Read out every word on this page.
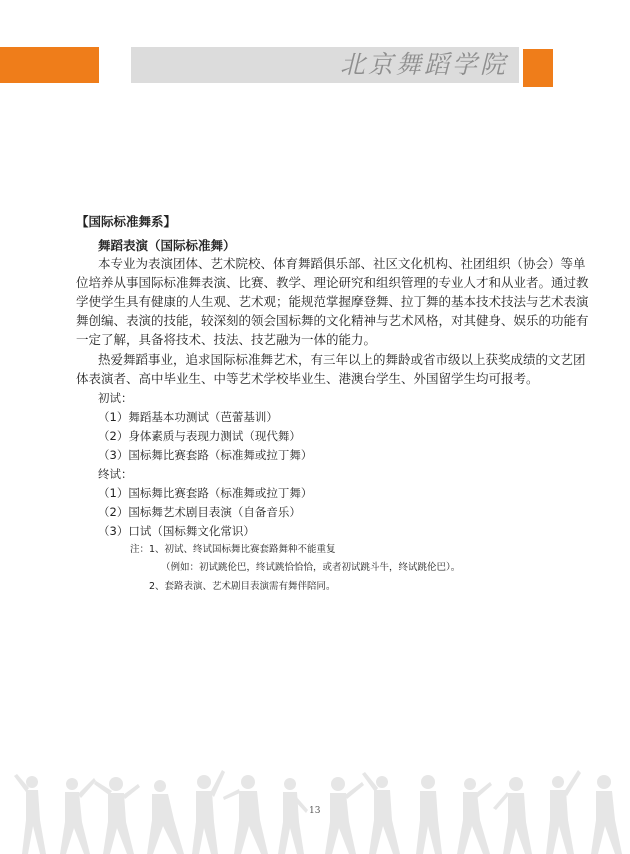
北京舞蹈学院
【国际标准舞系】
舞蹈表演（国际标准舞）
本专业为表演团体、艺术院校、体育舞蹈俱乐部、社区文化机构、社团组织（协会）等单
位培养从事国际标准舞表演、比赛、教学、理论研究和组织管理的专业人才和从业者。通过教
学使学生具有健康的人生观、艺术观；能规范掌握摩登舞、拉丁舞的基本技术技法与艺术表演
舞创编、表演的技能，较深刻的领会国标舞的文化精神与艺术风格，对其健身、娱乐的功能有
一定了解，具备将技术、技法、技艺融为一体的能力。
热爱舞蹈事业，追求国际标准舞艺术，有三年以上的舞龄或省市级以上获奖成绩的文艺团
体表演者、高中毕业生、中等艺术学校毕业生、港澳台学生、外国留学生均可报考。
初试：
（1）舞蹈基本功测试（芭蕾基训）
（2）身体素质与表现力测试（现代舞）
（3）国标舞比赛套路（标准舞或拉丁舞）
终试：
（1）国标舞比赛套路（标准舞或拉丁舞）
（2）国标舞艺术剧目表演（自备音乐）
（3）口试（国标舞文化常识）
注：1、初试、终试国标舞比赛套路舞种不能重复
（例如：初试跳伦巴，终试跳恰恰恰，或者初试跳斗牛，终试跳伦巴）。
2、套路表演、艺术剧目表演需有舞伴陪同。
13
